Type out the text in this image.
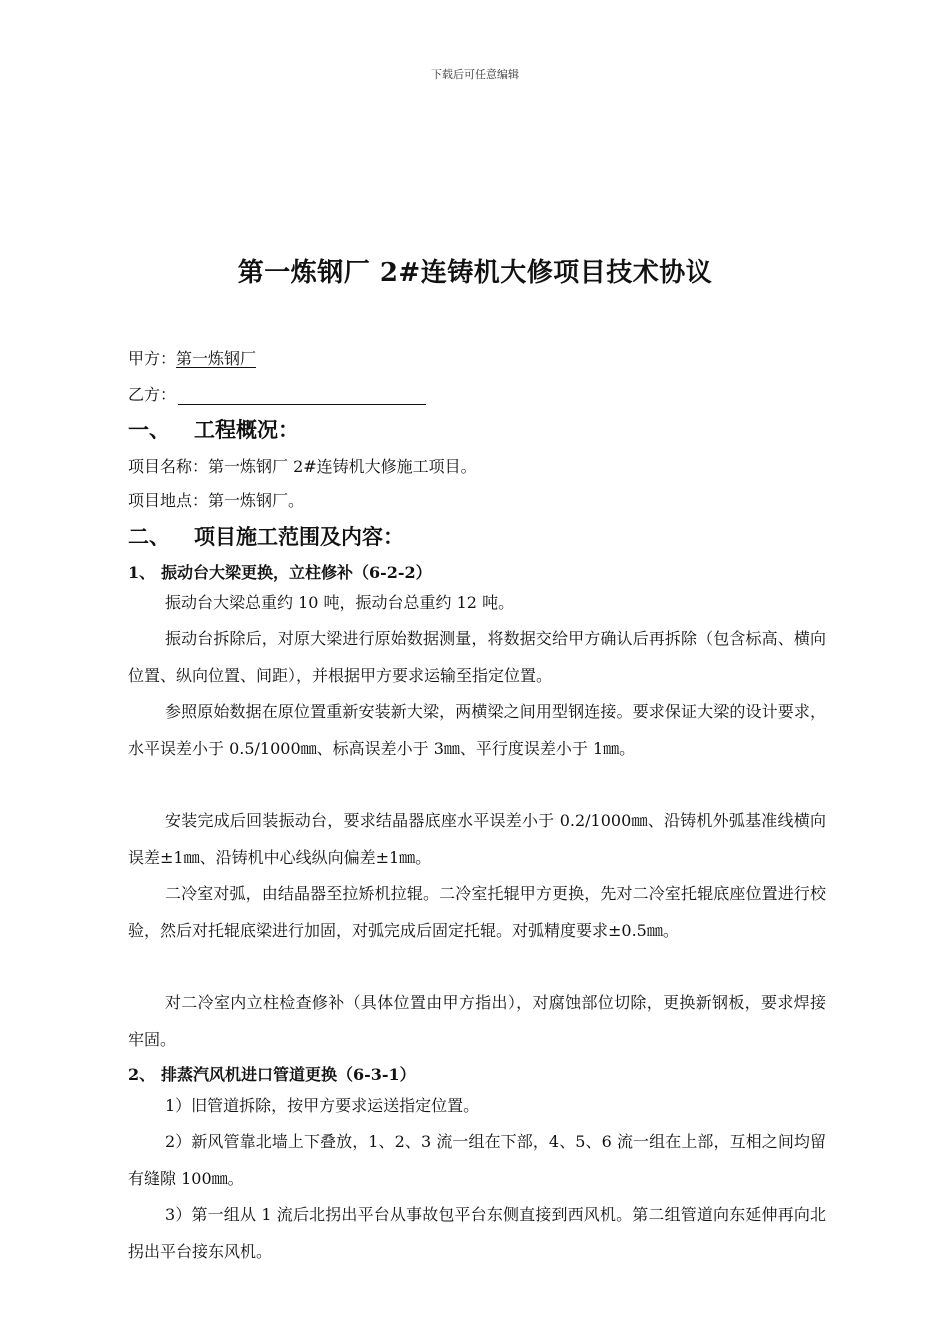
下载后可任意编辑
第一炼钢厂 2#连铸机大修项目技术协议
甲方：第一炼钢厂
乙方：
一、 工程概况：
项目名称：第一炼钢厂 2#连铸机大修施工项目。
项目地点：第一炼钢厂。
二、 项目施工范围及内容：
1、 振动台大梁更换，立柱修补（6-2-2）
振动台大梁总重约 10 吨，振动台总重约 12 吨。
振动台拆除后，对原大梁进行原始数据测量，将数据交给甲方确认后再拆除（包含标高、横向位置、纵向位置、间距），并根据甲方要求运输至指定位置。
参照原始数据在原位置重新安装新大梁，两横梁之间用型钢连接。要求保证大梁的设计要求，水平误差小于 0.5/1000㎜、标高误差小于 3㎜、平行度误差小于 1㎜。
安装完成后回装振动台，要求结晶器底座水平误差小于 0.2/1000㎜、沿铸机外弧基准线横向误差±1㎜、沿铸机中心线纵向偏差±1㎜。
二冷室对弧，由结晶器至拉矫机拉辊。二冷室托辊甲方更换，先对二冷室托辊底座位置进行校验，然后对托辊底梁进行加固，对弧完成后固定托辊。对弧精度要求±0.5㎜。
对二冷室内立柱检查修补（具体位置由甲方指出），对腐蚀部位切除，更换新钢板，要求焊接牢固。
2、 排蒸汽风机进口管道更换（6-3-1）
1）旧管道拆除，按甲方要求运送指定位置。
2）新风管靠北墙上下叠放，1、2、3 流一组在下部，4、5、6 流一组在上部，互相之间均留有缝隙 100㎜。
3）第一组从 1 流后北拐出平台从事故包平台东侧直接到西风机。第二组管道向东延伸再向北拐出平台接东风机。
